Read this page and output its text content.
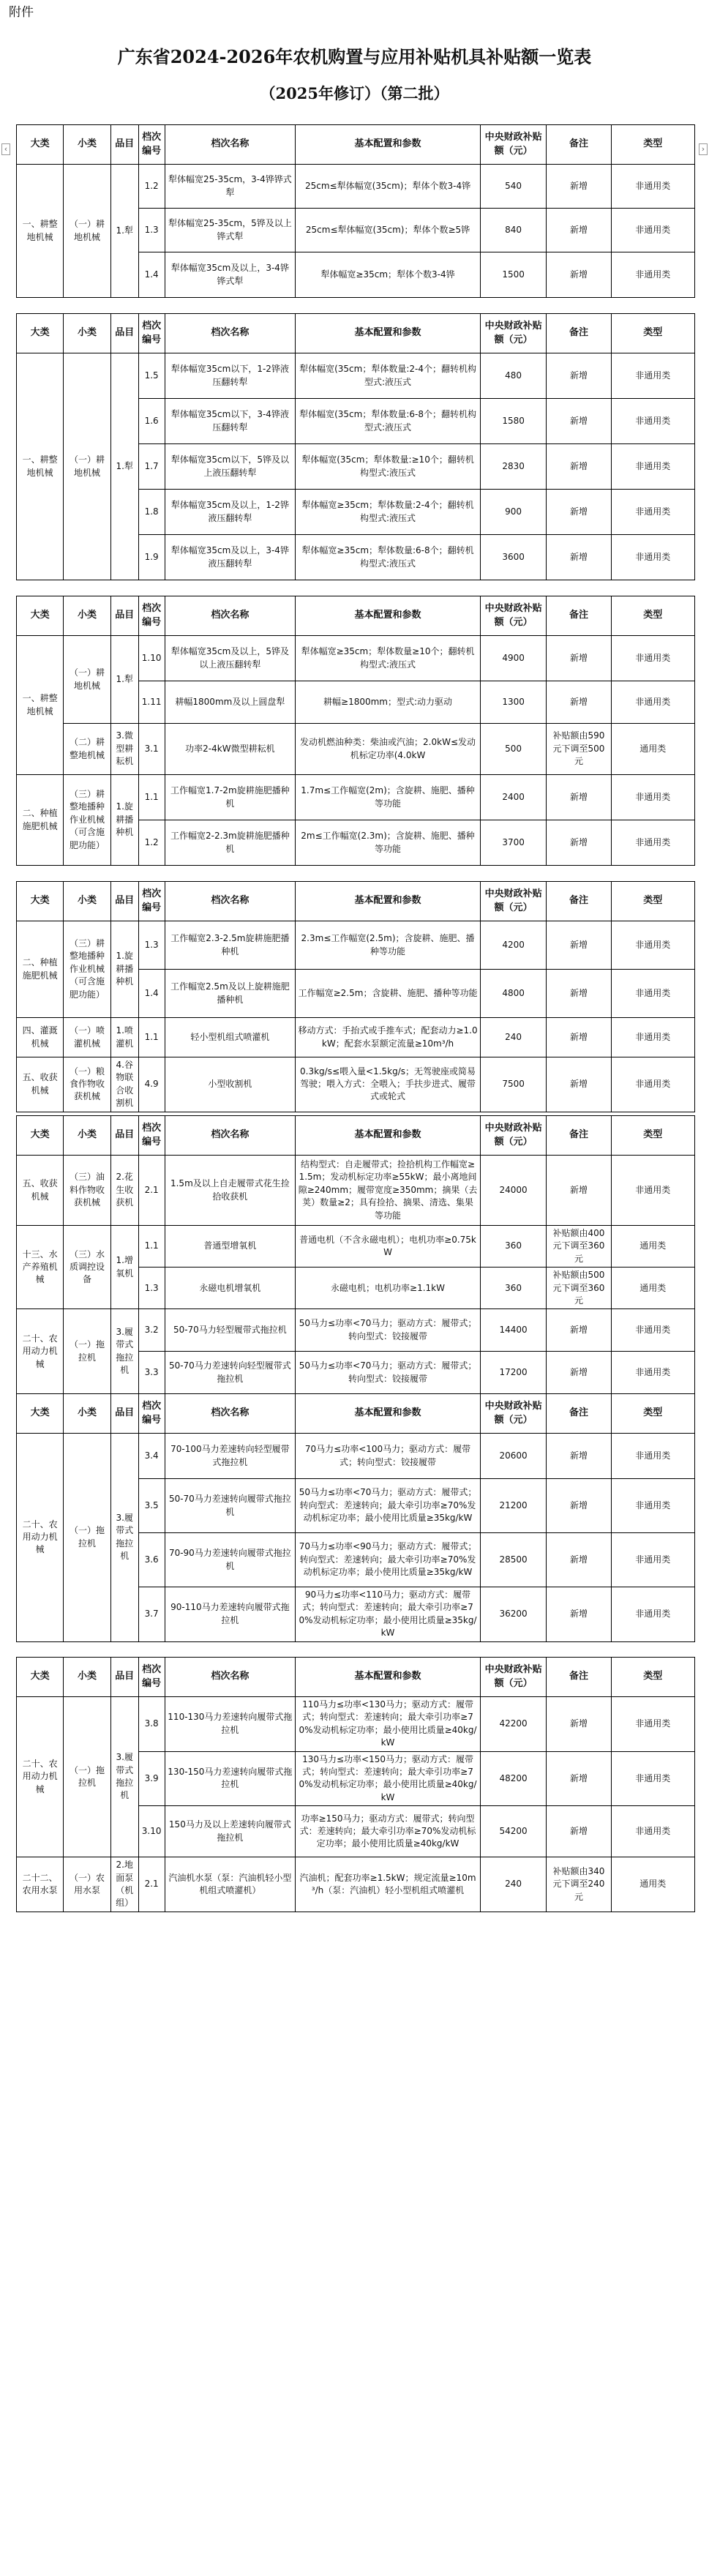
附件
广东省2024-2026年农机购置与应用补贴机具补贴额一览表
（2025年修订）（第二批）
‹	›
大类	小类	品目	档次编号	档次名称	基本配置和参数	中央财政补贴额（元）	备注	类型
一、耕整地机械	（一）耕地机械	1.犁	1.2	犁体幅宽25-35cm，3-4铧铧式犁	25cm≤犁体幅宽(35cm)；犁体个数3-4铧	540	新增	非通用类
			1.3	犁体幅宽25-35cm，5铧及以上铧式犁	25cm≤犁体幅宽(35cm)；犁体个数≥5铧	840	新增	非通用类
			1.4	犁体幅宽35cm及以上，3-4铧铧式犁	犁体幅宽≥35cm；犁体个数3-4铧	1500	新增	非通用类
大类	小类	品目	档次编号	档次名称	基本配置和参数	中央财政补贴额（元）	备注	类型
一、耕整地机械	（一）耕地机械	1.犁	1.5	犁体幅宽35cm以下，1-2铧液压翻转犁	犁体幅宽(35cm；犁体数量:2-4个；翻转机构型式:液压式	480	新增	非通用类
			1.6	犁体幅宽35cm以下，3-4铧液压翻转犁	犁体幅宽(35cm；犁体数量:6-8个；翻转机构型式:液压式	1580	新增	非通用类
			1.7	犁体幅宽35cm以下，5铧及以上液压翻转犁	犁体幅宽(35cm；犁体数量:≥10个；翻转机构型式:液压式	2830	新增	非通用类
			1.8	犁体幅宽35cm及以上，1-2铧液压翻转犁	犁体幅宽≥35cm；犁体数量:2-4个；翻转机构型式:液压式	900	新增	非通用类
			1.9	犁体幅宽35cm及以上，3-4铧液压翻转犁	犁体幅宽≥35cm；犁体数量:6-8个；翻转机构型式:液压式	3600	新增	非通用类
大类	小类	品目	档次编号	档次名称	基本配置和参数	中央财政补贴额（元）	备注	类型
一、耕整地机械	（一）耕地机械	1.犁	1.10	犁体幅宽35cm及以上，5铧及以上液压翻转犁	犁体幅宽≥35cm；犁体数量≥10个；翻转机构型式:液压式	4900	新增	非通用类
			1.11	耕幅1800mm及以上圆盘犁	耕幅≥1800mm；型式:动力驱动	1300	新增	非通用类
	（二）耕整地机械	3.微型耕耘机	3.1	功率2-4kW微型耕耘机	发动机燃油种类：柴油或汽油；2.0kW≤发动机标定功率(4.0kW	500	补贴额由590元下调至500元	通用类
二、种植施肥机械	（三）耕整地播种作业机械（可含施肥功能）	1.旋耕播种机	1.1	工作幅宽1.7-2m旋耕施肥播种机	1.7m≤工作幅宽(2m)；含旋耕、施肥、播种等功能	2400	新增	非通用类
			1.2	工作幅宽2-2.3m旋耕施肥播种机	2m≤工作幅宽(2.3m)；含旋耕、施肥、播种等功能	3700	新增	非通用类
大类	小类	品目	档次编号	档次名称	基本配置和参数	中央财政补贴额（元）	备注	类型
二、种植施肥机械	（三）耕整地播种作业机械（可含施肥功能）	1.旋耕播种机	1.3	工作幅宽2.3-2.5m旋耕施肥播种机	2.3m≤工作幅宽(2.5m)；含旋耕、施肥、播种等功能	4200	新增	非通用类
			1.4	工作幅宽2.5m及以上旋耕施肥播种机	工作幅宽≥2.5m；含旋耕、施肥、播种等功能	4800	新增	非通用类
四、灌溉机械	（一）喷灌机械	1.喷灌机	1.1	轻小型机组式喷灌机	移动方式：手抬式或手推车式；配套动力≥1.0kW；配套水泵额定流量≥10m³/h	240	新增	非通用类
五、收获机械	（一）粮食作物收获机械	4.谷物联合收割机	4.9	小型收割机	0.3kg/s≤喂入量<1.5kg/s；无驾驶座或简易驾驶；喂入方式：全喂入；手扶步进式、履带式或轮式	7500	新增	非通用类
大类	小类	品目	档次编号	档次名称	基本配置和参数	中央财政补贴额（元）	备注	类型
五、收获机械	（三）油料作物收获机械	2.花生收获机	2.1	1.5m及以上自走履带式花生捡拾收获机	结构型式：自走履带式；捡拾机构工作幅宽≥1.5m；发动机标定功率≥55kW；最小离地间隙≥240mm；履带宽度≥350mm；摘果（去荚）数量≥2；具有捡拾、摘果、清选、集果等功能	24000	新增	非通用类
十三、水产养殖机械	（三）水质调控设备	1.增氧机	1.1	普通型增氧机	普通电机（不含永磁电机）；电机功率≥0.75kW	360	补贴额由400元下调至360元	通用类
			1.3	永磁电机增氧机	永磁电机；电机功率≥1.1kW	360	补贴额由500元下调至360元	通用类
二十、农用动力机械	（一）拖拉机	3.履带式拖拉机	3.2	50-70马力轻型履带式拖拉机	50马力≤功率<70马力；驱动方式：履带式；转向型式：铰接履带	14400	新增	非通用类
			3.3	50-70马力差速转向轻型履带式拖拉机	50马力≤功率<70马力；驱动方式：履带式；转向型式：铰接履带	17200	新增	非通用类
大类	小类	品目	档次编号	档次名称	基本配置和参数	中央财政补贴额（元）	备注	类型
二十、农用动力机械	（一）拖拉机	3.履带式拖拉机	3.4	70-100马力差速转向轻型履带式拖拉机	70马力≤功率<100马力；驱动方式：履带式；转向型式：铰接履带	20600	新增	非通用类
			3.5	50-70马力差速转向履带式拖拉机	50马力≤功率<70马力；驱动方式：履带式；转向型式：差速转向；最大牵引功率≥70%发动机标定功率；最小使用比质量≥35kg/kW	21200	新增	非通用类
			3.6	70-90马力差速转向履带式拖拉机	70马力≤功率<90马力；驱动方式：履带式；转向型式：差速转向；最大牵引功率≥70%发动机标定功率；最小使用比质量≥35kg/kW	28500	新增	非通用类
			3.7	90-110马力差速转向履带式拖拉机	90马力≤功率<110马力；驱动方式：履带式；转向型式：差速转向；最大牵引功率≥70%发动机标定功率；最小使用比质量≥35kg/kW	36200	新增	非通用类
大类	小类	品目	档次编号	档次名称	基本配置和参数	中央财政补贴额（元）	备注	类型
二十、农用动力机械	（一）拖拉机	3.履带式拖拉机	3.8	110-130马力差速转向履带式拖拉机	110马力≤功率<130马力；驱动方式：履带式；转向型式：差速转向；最大牵引功率≥70%发动机标定功率；最小使用比质量≥40kg/kW	42200	新增	非通用类
			3.9	130-150马力差速转向履带式拖拉机	130马力≤功率<150马力；驱动方式：履带式；转向型式：差速转向；最大牵引功率≥70%发动机标定功率；最小使用比质量≥40kg/kW	48200	新增	非通用类
			3.10	150马力及以上差速转向履带式拖拉机	功率≥150马力；驱动方式：履带式；转向型式：差速转向；最大牵引功率≥70%发动机标定功率；最小使用比质量≥40kg/kW	54200	新增	非通用类
二十二、农用水泵	（一）农用水泵	2.地面泵（机组）	2.1	汽油机水泵（泵：汽油机轻小型机组式喷灌机）	汽油机；配套功率≥1.5kW；规定流量≥10m³/h（泵：汽油机）轻小型机组式喷灌机	240	补贴额由340元下调至240元	通用类
